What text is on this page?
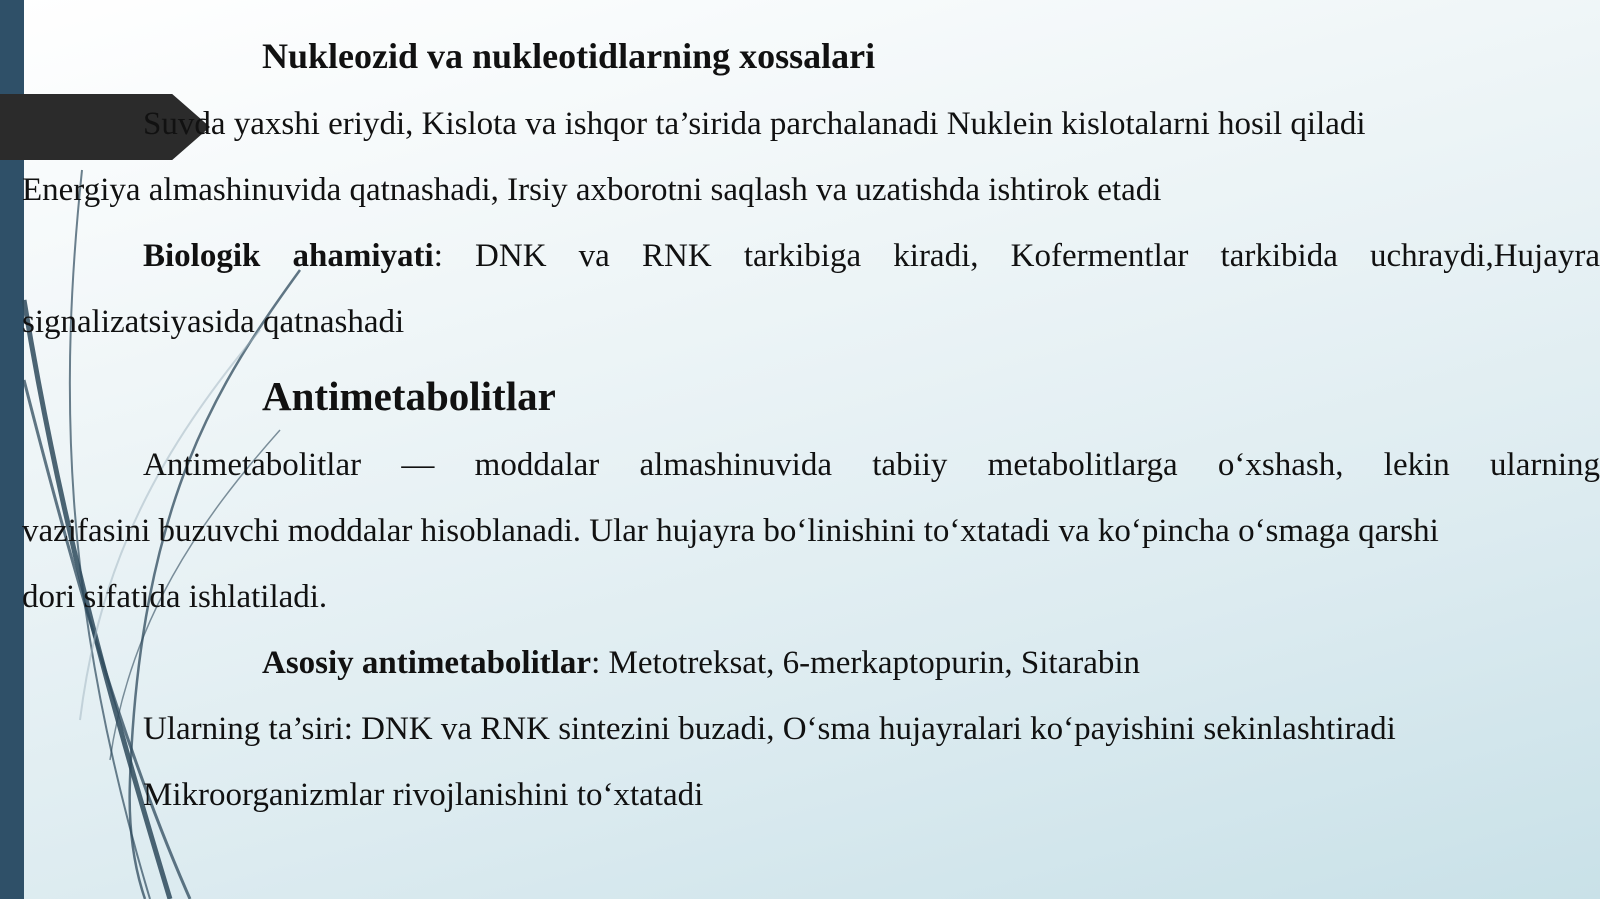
Nukleozid va nukleotidlarning xossalari
Suvda yaxshi eriydi, Kislota va ishqor ta’sirida parchalanadi Nuklein kislotalarni hosil qiladi
Energiya almashinuvida qatnashadi, Irsiy axborotni saqlash va uzatishda ishtirok etadi
Biologik ahamiyati: DNK va RNK tarkibiga kiradi, Kofermentlar tarkibida uchraydi,Hujayra
signalizatsiyasida qatnashadi
Antimetabolitlar
Antimetabolitlar — moddalar almashinuvida tabiiy metabolitlarga o‘xshash, lekin ularning
vazifasini buzuvchi moddalar hisoblanadi. Ular hujayra bo‘linishini to‘xtatadi va ko‘pincha o‘smaga qarshi
dori sifatida ishlatiladi.
Asosiy antimetabolitlar: Metotreksat, 6-merkaptopurin, Sitarabin
Ularning ta’siri: DNK va RNK sintezini buzadi, O‘sma hujayralari ko‘payishini sekinlashtiradi
Mikroorganizmlar rivojlanishini to‘xtatadi
